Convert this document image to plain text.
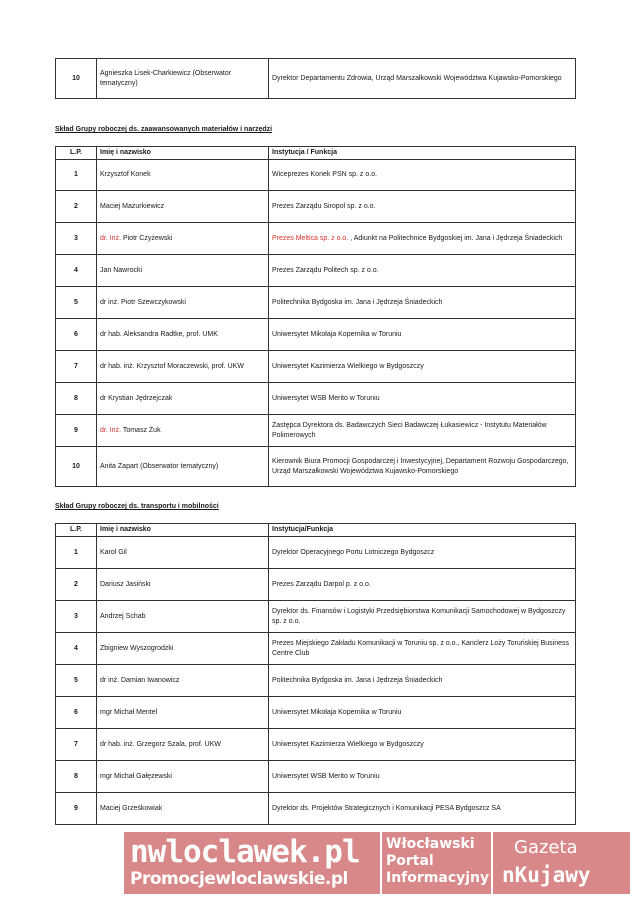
10	Agnieszka Lisek-Charkiewicz (Obserwator tematyczny)	Dyrektor Departamentu Zdrowia, Urząd Marszałkowski Województwa Kujawsko-Pomorskiego
Skład Grupy roboczej ds. zaawansowanych materiałów i narzędzi
L.P.	Imię i nazwisko	Instytucja / Funkcja
1	Krzysztof Konek	Wiceprezes Konek PSN sp. z o.o.
2	Maciej Mazurkiewicz	Prezes Zarządu Siropol sp. z o.o.
3	dr. Inż. Piotr Czyżewski	Prezes Meltica sp. z o.o. , Adiunkt na Politechnice Bydgoskiej im. Jana i Jędrzeja Śniadeckich
4	Jan Nawrocki	Prezes Zarządu Politech sp. z o.o.
5	dr inż. Piotr Szewczykowski	Politechnika Bydgoska im. Jana i Jędrzeja Śniadeckich
6	dr hab. Aleksandra Radtke, prof. UMK	Uniwersytet Mikołaja Kopernika w Toruniu
7	dr hab. inż. Krzysztof Moraczewski, prof. UKW	Uniwersytet Kazimierza Wielkiego w Bydgoszczy
8	dr Krystian Jędrzejczak	Uniwersytet WSB Merito w Toruniu
9	dr. Inż. Tomasz Żuk	Zastępca Dyrektora ds. Badawczych Sieci Badawczej Łukasiewicz - Instytutu Materiałów Polimerowych
10	Anita Zapart (Obserwator tematyczny)	Kierownik Biura Promocji Gospodarczej i Inwestycyjnej, Departament Rozwoju Gospodarczego, Urząd Marszałkowski Województwa Kujawsko-Pomorskiego
Skład Grupy roboczej ds. transportu i mobilności
L.P.	Imię i nazwisko	Instytucja/Funkcja
1	Karol Gil	Dyrektor Operacyjnego Portu Lotniczego Bydgoszcz
2	Dariusz Jasiński	Prezes Zarządu Darpol p. z o.o.
3	Andrzej Schab	Dyrektor ds. Finansów i Logistyki Przedsiębiorstwa Komunikacji Samochodowej w Bydgoszczy sp. z o.o.
4	Zbigniew Wyszogrodzki	Prezes Miejskiego Zakładu Komunikacji w Toruniu sp. z o.o., Kanclerz Loży Toruńskiej Business Centre Club
5	dr inż. Damian Iwanowicz	Politechnika Bydgoska im. Jana i Jędrzeja Śniadeckich
6	mgr Michał Mentel	Uniwersytet Mikołaja Kopernika w Toruniu
7	dr hab. inż. Grzegorz Szala, prof. UKW	Uniwersytet Kazimierza Wielkiego w Bydgoszczy
8	mgr Michał Gałęzewski	Uniwersytet WSB Merito w Toruniu
9	Maciej Grześkowiak	Dyrektor ds. Projektów Strategicznych i Komunikacji PESA Bydgoszcz SA
nwloclawek.pl
Promocjewloclawskie.pl
Włocławski Portal Informacyjny
Gazeta
nKujawy
